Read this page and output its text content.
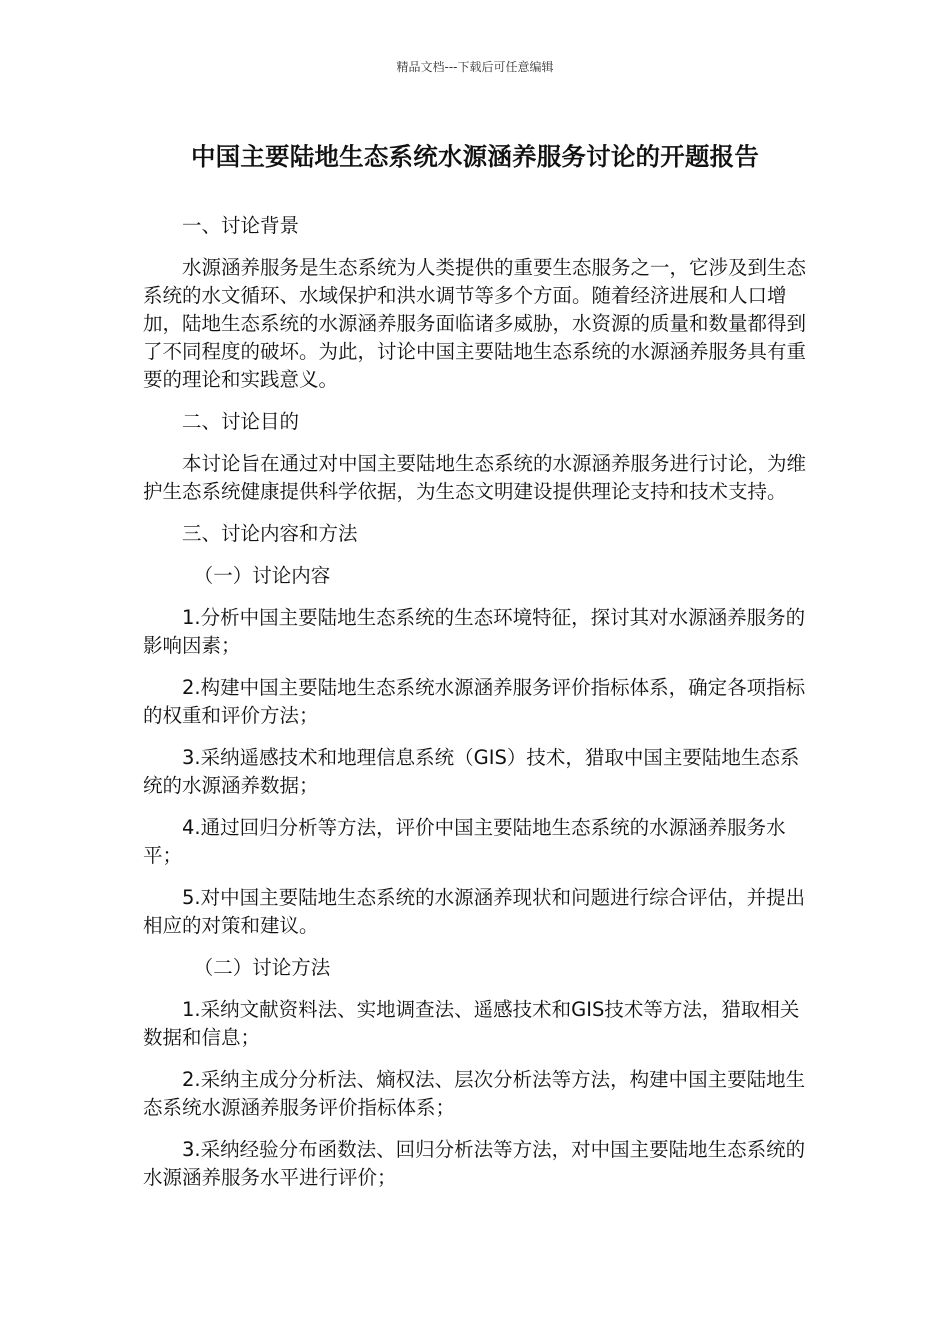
精品文档---下载后可任意编辑
中国主要陆地生态系统水源涵养服务讨论的开题报告

一、讨论背景

水源涵养服务是生态系统为人类提供的重要生态服务之一，它涉及到生态系统的水文循环、水域保护和洪水调节等多个方面。随着经济进展和人口增加，陆地生态系统的水源涵养服务面临诸多威胁，水资源的质量和数量都得到了不同程度的破坏。为此，讨论中国主要陆地生态系统的水源涵养服务具有重要的理论和实践意义。

二、讨论目的

本讨论旨在通过对中国主要陆地生态系统的水源涵养服务进行讨论，为维护生态系统健康提供科学依据，为生态文明建设提供理论支持和技术支持。

三、讨论内容和方法

（一）讨论内容

1.分析中国主要陆地生态系统的生态环境特征，探讨其对水源涵养服务的影响因素；

2.构建中国主要陆地生态系统水源涵养服务评价指标体系，确定各项指标的权重和评价方法；

3.采纳遥感技术和地理信息系统（GIS）技术，猎取中国主要陆地生态系统的水源涵养数据；

4.通过回归分析等方法，评价中国主要陆地生态系统的水源涵养服务水平；

5.对中国主要陆地生态系统的水源涵养现状和问题进行综合评估，并提出相应的对策和建议。

（二）讨论方法

1.采纳文献资料法、实地调查法、遥感技术和GIS技术等方法，猎取相关数据和信息；

2.采纳主成分分析法、熵权法、层次分析法等方法，构建中国主要陆地生态系统水源涵养服务评价指标体系；

3.采纳经验分布函数法、回归分析法等方法，对中国主要陆地生态系统的水源涵养服务水平进行评价；
